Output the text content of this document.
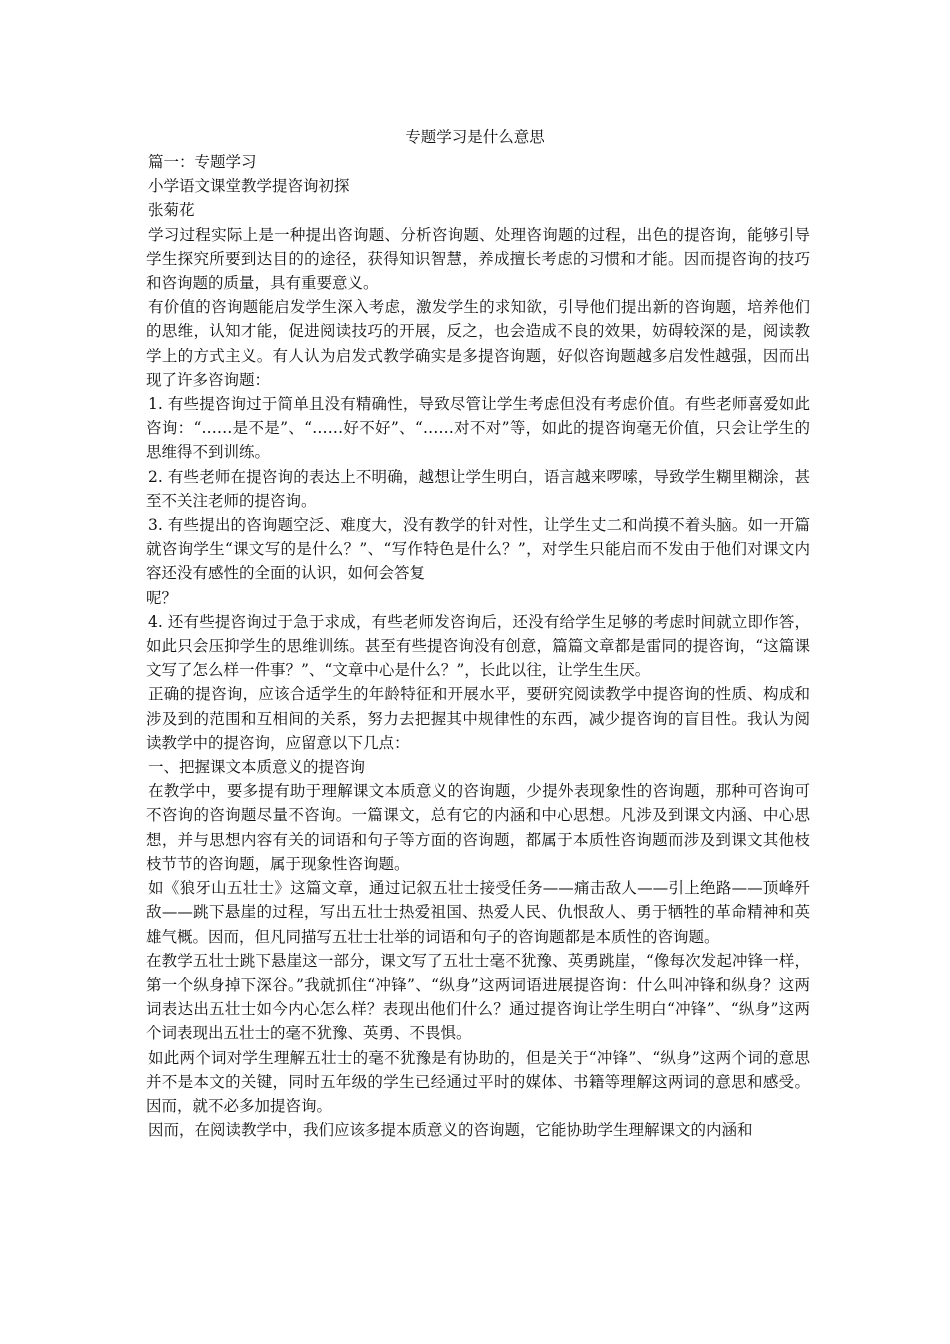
专题学习是什么意思

篇一：专题学习

小学语文课堂教学提咨询初探

张菊花

学习过程实际上是一种提出咨询题、分析咨询题、处理咨询题的过程，出色的提咨询，能够引导学生探究所要到达目的的途径，获得知识智慧，养成擅长考虑的习惯和才能。因而提咨询的技巧和咨询题的质量，具有重要意义。

有价值的咨询题能启发学生深入考虑，激发学生的求知欲，引导他们提出新的咨询题，培养他们的思维，认知才能，促进阅读技巧的开展，反之，也会造成不良的效果，妨碍较深的是，阅读教学上的方式主义。有人认为启发式教学确实是多提咨询题，好似咨询题越多启发性越强，因而出现了许多咨询题：

1. 有些提咨询过于简单且没有精确性，导致尽管让学生考虑但没有考虑价值。有些老师喜爱如此咨询：“……是不是”、“……好不好”、“……对不对”等，如此的提咨询毫无价值，只会让学生的思维得不到训练。

2. 有些老师在提咨询的表达上不明确，越想让学生明白，语言越来啰嗦，导致学生糊里糊涂，甚至不关注老师的提咨询。

3. 有些提出的咨询题空泛、难度大，没有教学的针对性，让学生丈二和尚摸不着头脑。如一开篇就咨询学生“课文写的是什么？”、“写作特色是什么？”，对学生只能启而不发由于他们对课文内容还没有感性的全面的认识，如何会答复

呢？

4. 还有些提咨询过于急于求成，有些老师发咨询后，还没有给学生足够的考虑时间就立即作答，如此只会压抑学生的思维训练。甚至有些提咨询没有创意，篇篇文章都是雷同的提咨询，“这篇课文写了怎么样一件事？”、“文章中心是什么？”，长此以往，让学生生厌。

正确的提咨询，应该合适学生的年龄特征和开展水平，要研究阅读教学中提咨询的性质、构成和涉及到的范围和互相间的关系，努力去把握其中规律性的东西，减少提咨询的盲目性。我认为阅读教学中的提咨询，应留意以下几点：

一、把握课文本质意义的提咨询

在教学中，要多提有助于理解课文本质意义的咨询题，少提外表现象性的咨询题，那种可咨询可不咨询的咨询题尽量不咨询。一篇课文，总有它的内涵和中心思想。凡涉及到课文内涵、中心思想，并与思想内容有关的词语和句子等方面的咨询题，都属于本质性咨询题而涉及到课文其他枝枝节节的咨询题，属于现象性咨询题。

如《狼牙山五壮士》这篇文章，通过记叙五壮士接受任务——痛击敌人——引上绝路——顶峰歼敌——跳下悬崖的过程，写出五壮士热爱祖国、热爱人民、仇恨敌人、勇于牺牲的革命精神和英雄气概。因而，但凡同描写五壮士壮举的词语和句子的咨询题都是本质性的咨询题。

在教学五壮士跳下悬崖这一部分，课文写了五壮士毫不犹豫、英勇跳崖，“像每次发起冲锋一样，第一个纵身掉下深谷。”我就抓住“冲锋”、“纵身”这两词语进展提咨询：什么叫冲锋和纵身？这两词表达出五壮士如今内心怎么样？表现出他们什么？通过提咨询让学生明白“冲锋”、“纵身”这两个词表现出五壮士的毫不犹豫、英勇、不畏惧。

如此两个词对学生理解五壮士的毫不犹豫是有协助的，但是关于“冲锋”、“纵身”这两个词的意思并不是本文的关键，同时五年级的学生已经通过平时的媒体、书籍等理解这两词的意思和感受。因而，就不必多加提咨询。

因而，在阅读教学中，我们应该多提本质意义的咨询题，它能协助学生理解课文的内涵和
